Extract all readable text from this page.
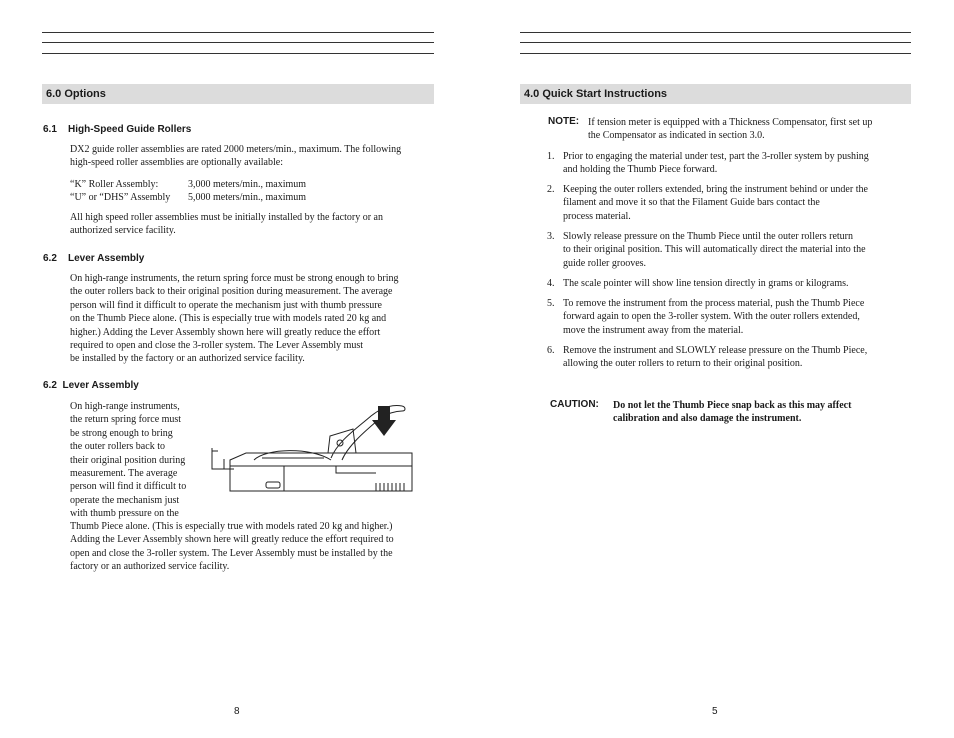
6.0 Options
6.1    High-Speed Guide Rollers
DX2 guide roller assemblies are rated 2000 meters/min., maximum. The following
high-speed roller assemblies are optionally available:
“K” Roller Assembly:	3,000 meters/min., maximum
“U” or “DHS” Assembly 5,000 meters/min., maximum
All high speed roller assemblies must be initially installed by the factory or an
authorized service facility.
6.2    Lever Assembly
On high-range instruments, the return spring force must be strong enough to bring
the outer rollers back to their original position during measurement. The average
person will find it difficult to operate the mechanism just with thumb pressure
on the Thumb Piece alone. (This is especially true with models rated 20 kg and
higher.) Adding the Lever Assembly shown here will greatly reduce the effort
required to open and close the 3-roller system. The Lever Assembly must
be installed by the factory or an authorized service facility.
6.2  Lever Assembly
On high-range instruments,
the return spring force must
be strong enough to bring
the outer rollers back to
their original position during
measurement. The average
person will find it difficult to
operate the mechanism just
with thumb pressure on the
Thumb Piece alone. (This is especially true with models rated 20 kg and higher.)
Adding the Lever Assembly shown here will greatly reduce the effort required to
open and close the 3-roller system. The Lever Assembly must be installed by the
factory or an authorized service facility.
8
4.0 Quick Start Instructions
NOTE: If tension meter is equipped with a Thickness Compensator, first set up
the Compensator as indicated in section 3.0.
1. Prior to engaging the material under test, part the 3-roller system by pushing
and holding the Thumb Piece forward.
2. Keeping the outer rollers extended, bring the instrument behind or under the
filament and move it so that the Filament Guide bars contact the
process material.
3. Slowly release pressure on the Thumb Piece until the outer rollers return
to their original position. This will automatically direct the material into the
guide roller grooves.
4. The scale pointer will show line tension directly in grams or kilograms.
5. To remove the instrument from the process material, push the Thumb Piece
forward again to open the 3-roller system. With the outer rollers extended,
move the instrument away from the material.
6. Remove the instrument and SLOWLY release pressure on the Thumb Piece,
allowing the outer rollers to return to their original position.
CAUTION: Do not let the Thumb Piece snap back as this may affect
calibration and also damage the instrument.
5
